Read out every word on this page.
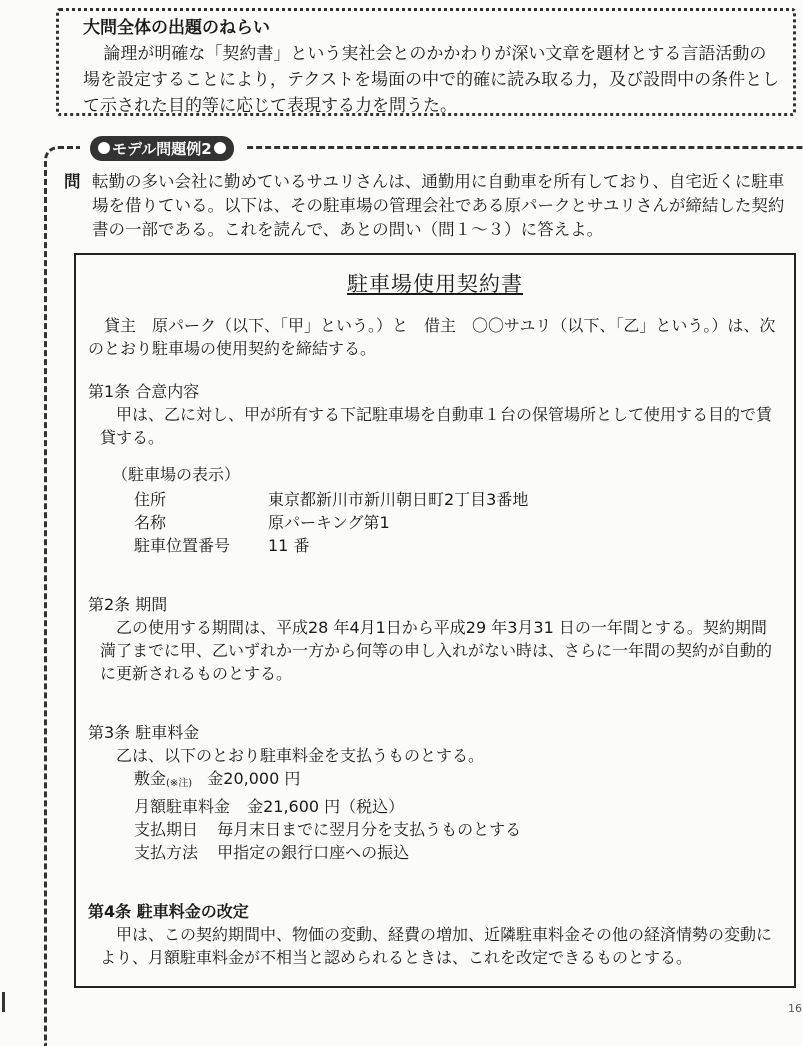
大問全体の出題のねらい
論理が明確な「契約書」という実社会とのかかわりが深い文章を題材とする言語活動の場を設定することにより，テクストを場面の中で的確に読み取る力，及び設問中の条件として示された目的等に応じて表現する力を問うた。
モデル問題例2
問 転勤の多い会社に勤めているサユリさんは、通勤用に自動車を所有しており、自宅近くに駐車場を借りている。以下は、その駐車場の管理会社である原パークとサユリさんが締結した契約書の一部である。これを読んで、あとの問い（問１～３）に答えよ。
駐車場使用契約書

貸主　原パーク（以下、「甲」という。）と　借主　〇〇サユリ（以下、「乙」という。）は、次のとおり駐車場の使用契約を締結する。

第1条 合意内容

甲は、乙に対し、甲が所有する下記駐車場を自動車１台の保管場所として使用する目的で賃貸する。

（駐車場の表示）

住所	東京都新川市新川朝日町2丁目3番地
名称	原パーキング第1
駐車位置番号	11 番

第2条 期間

乙の使用する期間は、平成28 年4月1日から平成29 年3月31 日の一年間とする。契約期間満了までに甲、乙いずれか一方から何等の申し入れがない時は、さらに一年間の契約が自動的に更新されるものとする。

第3条 駐車料金

乙は、以下のとおり駐車料金を支払うものとする。

敷金(※注) 金20,000 円
月額駐車料金 金21,600 円（税込）
支払期日 毎月末日までに翌月分を支払うものとする
支払方法 甲指定の銀行口座への振込

第4条 駐車料金の改定

甲は、この契約期間中、物価の変動、経費の増加、近隣駐車料金その他の経済情勢の変動により、月額駐車料金が不相当と認められるときは、これを改定できるものとする。

16
